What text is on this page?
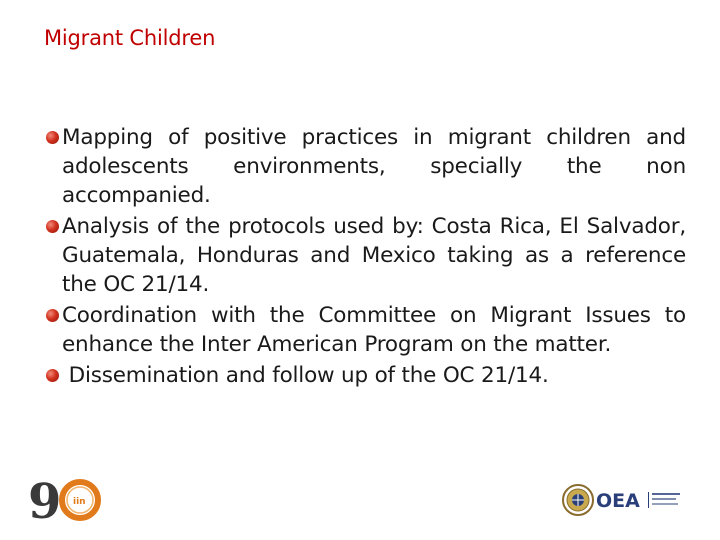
Migrant Children
Mapping of positive practices in migrant children and adolescents environments, specially the non accompanied.
Analysis of the protocols used by: Costa Rica, El Salvador, Guatemala, Honduras and Mexico taking as a reference the OC 21/14.
Coordination with the Committee on Migrant Issues to enhance the Inter American Program on the matter.
Dissemination and follow up of the OC 21/14.
9 iin	OEA
